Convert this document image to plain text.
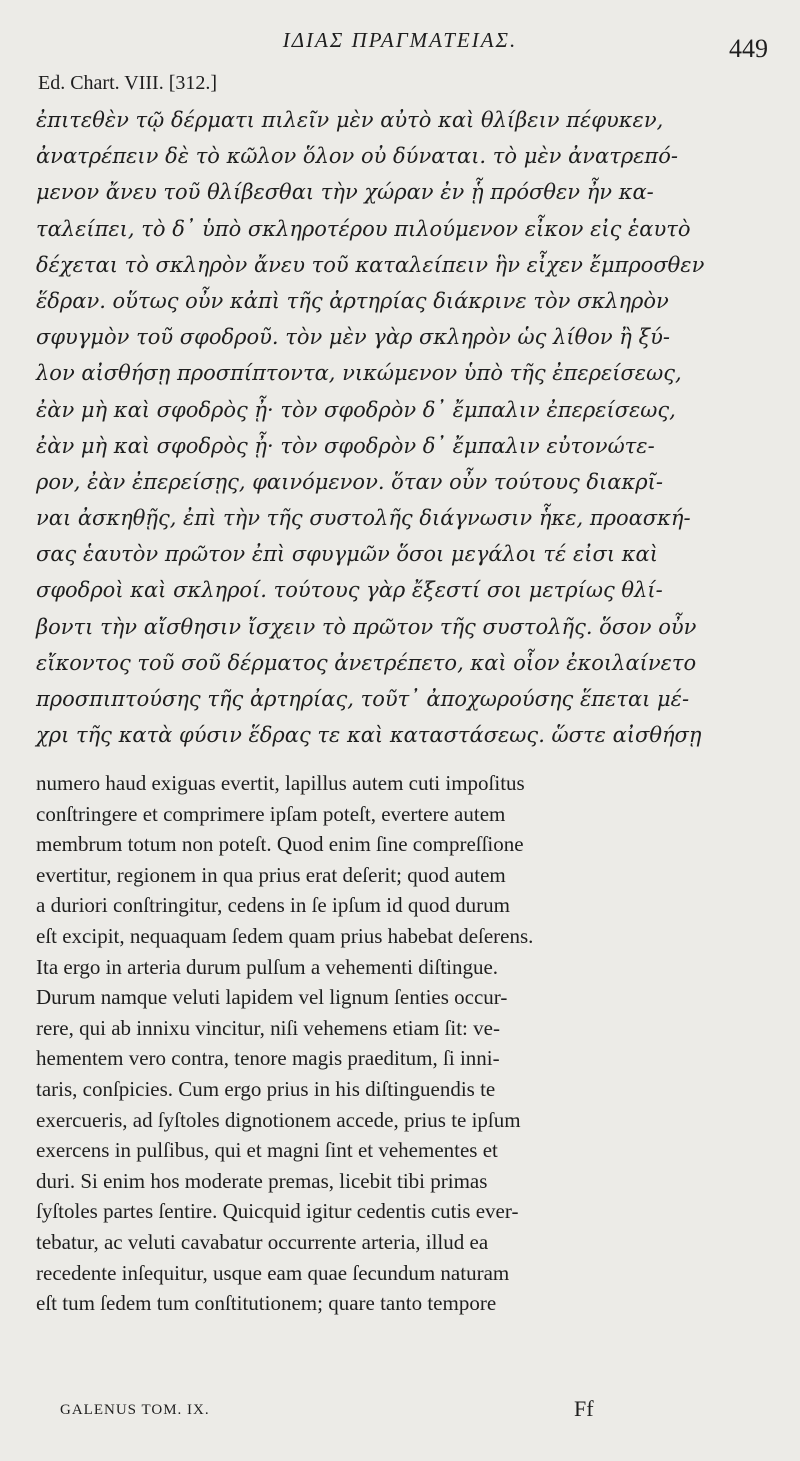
ΙΔΙΑΣ ΠΡΑΓΜΑΤΕΙΑΣ.	449
Ed. Chart. VIII. [312.]
ἐπιτεθὲν τῷ δέρματι πιλεῖν μὲν αὐτὸ καὶ θλίβειν πέφυκεν,
ἀνατρέπειν δὲ τὸ κῶλον ὅλον οὐ δύναται. τὸ μὲν ἀνατρεπό-
μενον ἄνευ τοῦ θλίβεσθαι τὴν χώραν ἐν ᾗ πρόσθεν ἦν κα-
ταλείπει, τὸ δ᾽ ὑπὸ σκληροτέρου πιλούμενον εἶκον εἰς ἑαυτὸ
δέχεται τὸ σκληρὸν ἄνευ τοῦ καταλείπειν ἣν εἶχεν ἔμπροσθεν
ἕδραν. οὕτως οὖν κἀπὶ τῆς ἀρτηρίας διάκρινε τὸν σκληρὸν
σφυγμὸν τοῦ σφοδροῦ. τὸν μὲν γὰρ σκληρὸν ὡς λίθον ἢ ξύ-
λον αἰσθήσῃ προσπίπτοντα, νικώμενον ὑπὸ τῆς ἐπερείσεως,
ἐὰν μὴ καὶ σφοδρὸς ᾖ· τὸν σφοδρὸν δ᾽ ἔμπαλιν ἐπερείσεως,
ἐὰν μὴ καὶ σφοδρὸς ᾖ· τὸν σφοδρὸν δ᾽ ἔμπαλιν εὐτονώτε-
ρον, ἐὰν ἐπερείσῃς, φαινόμενον. ὅταν οὖν τούτους διακρῖ-
ναι ἀσκηθῇς, ἐπὶ τὴν τῆς συστολῆς διάγνωσιν ἧκε, προασκή-
σας ἑαυτὸν πρῶτον ἐπὶ σφυγμῶν ὅσοι μεγάλοι τέ εἰσι καὶ
σφοδροὶ καὶ σκληροί. τούτους γὰρ ἔξεστί σοι μετρίως θλί-
βοντι τὴν αἴσθησιν ἴσχειν τὸ πρῶτον τῆς συστολῆς. ὅσον οὖν
εἴκοντος τοῦ σοῦ δέρματος ἀνετρέπετο, καὶ οἷον ἐκοιλαίνετο
προσπιπτούσης τῆς ἀρτηρίας, τοῦτ᾽ ἀποχωρούσης ἕπεται μέ-
χρι τῆς κατὰ φύσιν ἕδρας τε καὶ καταστάσεως. ὥστε αἰσθήσῃ
numero haud exiguas evertit, lapillus autem cuti impoſitus
conſtringere et comprimere ipſam poteſt, evertere autem
membrum totum non poteſt. Quod enim ſine compreſſione
evertitur, regionem in qua prius erat deſerit; quod autem
a duriori conſtringitur, cedens in ſe ipſum id quod durum
eſt excipit, nequaquam ſedem quam prius habebat deſerens.
Ita ergo in arteria durum pulſum a vehementi diſtingue.
Durum namque veluti lapidem vel lignum ſenties occur-
rere, qui ab innixu vincitur, niſi vehemens etiam ſit: ve-
hementem vero contra, tenore magis praeditum, ſi inni-
taris, conſpicies. Cum ergo prius in his diſtinguendis te
exercueris, ad ſyſtoles dignotionem accede, prius te ipſum
exercens in pulſibus, qui et magni ſint et vehementes et
duri. Si enim hos moderate premas, licebit tibi primas
ſyſtoles partes ſentire. Quicquid igitur cedentis cutis ever-
tebatur, ac veluti cavabatur occurrente arteria, illud ea
recedente inſequitur, usque eam quae ſecundum naturam
eſt tum ſedem tum conſtitutionem; quare tanto tempore
GALENUS TOM. IX.	Ff
